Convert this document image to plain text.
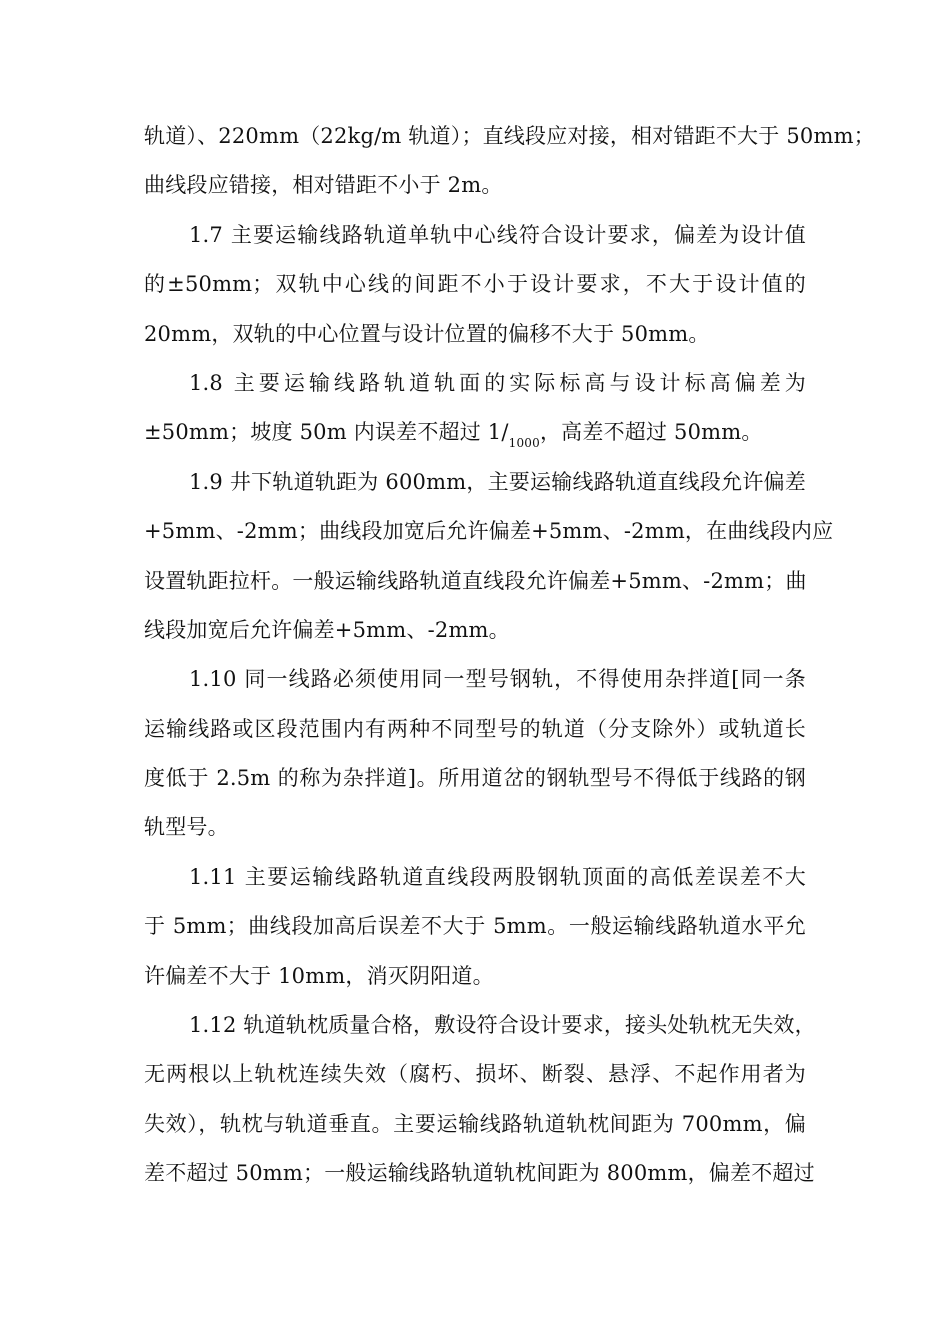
轨道）、220mm（22kg/m 轨道）；直线段应对接，相对错距不大于 50mm；
曲线段应错接，相对错距不小于 2m。
1.7 主要运输线路轨道单轨中心线符合设计要求，偏差为设计值
的±50mm；双轨中心线的间距不小于设计要求，不大于设计值的
20mm，双轨的中心位置与设计位置的偏移不大于 50mm。
1.8 主要运输线路轨道轨面的实际标高与设计标高偏差为
±50mm；坡度 50m 内误差不超过 $1/_{1000}$，高差不超过 50mm。
1.9 井下轨道轨距为 600mm，主要运输线路轨道直线段允许偏差
+5mm、-2mm；曲线段加宽后允许偏差+5mm、-2mm，在曲线段内应
设置轨距拉杆。一般运输线路轨道直线段允许偏差+5mm、-2mm；曲
线段加宽后允许偏差+5mm、-2mm。
1.10 同一线路必须使用同一型号钢轨，不得使用杂拌道[同一条
运输线路或区段范围内有两种不同型号的轨道（分支除外）或轨道长
度低于 2.5m 的称为杂拌道]。所用道岔的钢轨型号不得低于线路的钢
轨型号。
1.11 主要运输线路轨道直线段两股钢轨顶面的高低差误差不大
于 5mm；曲线段加高后误差不大于 5mm。一般运输线路轨道水平允
许偏差不大于 10mm，消灭阴阳道。
1.12 轨道轨枕质量合格，敷设符合设计要求，接头处轨枕无失效，
无两根以上轨枕连续失效（腐朽、损坏、断裂、悬浮、不起作用者为
失效），轨枕与轨道垂直。主要运输线路轨道轨枕间距为 700mm，偏
差不超过 50mm；一般运输线路轨道轨枕间距为 800mm，偏差不超过
